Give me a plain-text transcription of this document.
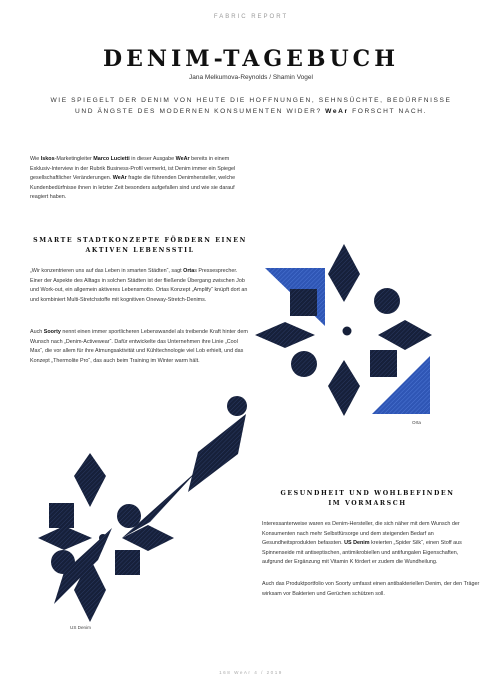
FABRIC REPORT
DENIM-TAGEBUCH
Jana Melkumova-Reynolds / Shamin Vogel
WIE SPIEGELT DER DENIM VON HEUTE DIE HOFFNUNGEN, SEHNSÜCHTE, BEDÜRFNISSE UND ÄNGSTE DES MODERNEN KONSUMENTEN WIDER? WeAr FORSCHT NACH.
Wie Iskos-Marketingleiter Marco Lucietti in dieser Ausgabe WeAr bereits in einem Exklusiv-Interview in der Rubrik Business-Profil vermerkt, ist Denim immer ein Spiegel gesellschaftlicher Veränderungen. WeAr fragte die führenden Denimhersteller, welche Kundenbedürfnisse ihnen in letzter Zeit besonders aufgefallen sind und wie sie darauf reagiert haben.
SMARTE STADTKONZEPTE FÖRDERN EINEN
AKTIVEN LEBENSSTIL
„Wir konzentrieren uns auf das Leben in smarten Städten“, sagt Ortas Pressesprecher. Einer der Aspekte des Alltags in solchen Städten ist der fließende Übergang zwischen Job und Work-out, ein allgemein aktiveres Lebensmotto. Ortas Konzept „Amplify“ knüpft dort an und kombiniert Multi-Stretchstoffe mit kognitiven Oneway-Stretch-Denims.
Auch Soorty nennt einen immer sportlicheren Lebenswandel als treibende Kraft hinter dem Wunsch nach „Denim-Activewear“. Dafür entwickelte das Unternehmen ihre Linie „Cool Max“, die vor allem für ihre Atmungsaktivität und Kühltechnologie viel Lob erhielt, und das Konzept „Thermolite Pro“, das auch beim Training im Winter warm hält.
GESUNDHEIT UND WOHLBEFINDEN
IM VORMARSCH
Interessanterweise waren es Denim-Hersteller, die sich näher mit dem Wunsch der Konsumenten nach mehr Selbstfürsorge und dem steigenden Bedarf an Gesundheitsprodukten befassten. US Denim kreierten „Spider Silk“, einen Stoff aus Spinnenseide mit antiseptischen, antimikrobiellen und antifungalen Eigenschaften, aufgrund der Ergänzung mit Vitamin K fördert er zudem die Wundheilung.
Auch das Produktportfolio von Soorty umfasst einen antibakteriellen Denim, der den Träger wirksam vor Bakterien und Gerüchen schützen soll.
Orta
US Denim
168 WeAr 4 / 2019
